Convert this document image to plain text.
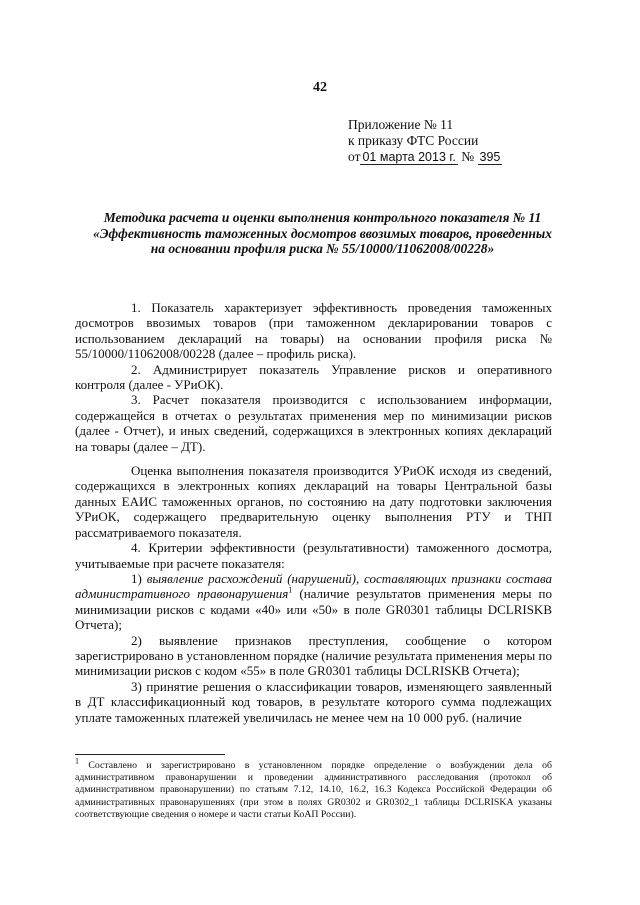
42
Приложение № 11
к приказу ФТС России
от 01 марта 2013 г. № 395
Методика расчета и оценки выполнения контрольного показателя № 11
«Эффективность таможенных досмотров ввозимых товаров, проведенных
на основании профиля риска № 55/10000/11062008/00228»

1. Показатель характеризует эффективность проведения таможенных досмотров ввозимых товаров (при таможенном декларировании товаров с использованием деклараций на товары) на основании профиля риска № 55/10000/11062008/00228 (далее – профиль риска).

2. Администрирует показатель Управление рисков и оперативного контроля (далее - УРиОК).

3. Расчет показателя производится с использованием информации, содержащейся в отчетах о результатах применения мер по минимизации рисков (далее - Отчет), и иных сведений, содержащихся в электронных копиях деклараций на товары (далее – ДТ).

Оценка выполнения показателя производится УРиОК исходя из сведений, содержащихся в электронных копиях деклараций на товары Центральной базы данных ЕАИС таможенных органов, по состоянию на дату подготовки заключения УРиОК, содержащего предварительную оценку выполнения РТУ и ТНП рассматриваемого показателя.

4. Критерии эффективности (результативности) таможенного досмотра, учитываемые при расчете показателя:

1) выявление расхождений (нарушений), составляющих признаки состава административного правонарушения$^1$ (наличие результатов применения меры по минимизации рисков с кодами «40» или «50» в поле GR0301 таблицы DCLRISKB Отчета);

2) выявление признаков преступления, сообщение о котором зарегистрировано в установленном порядке (наличие результата применения меры по минимизации рисков с кодом «55» в поле GR0301 таблицы DCLRISKB Отчета);

3) принятие решения о классификации товаров, изменяющего заявленный в ДТ классификационный код товаров, в результате которого сумма подлежащих уплате таможенных платежей увеличилась не менее чем на 10 000 руб. (наличие

$^1$ Составлено и зарегистрировано в установленном порядке определение о возбуждении дела об административном правонарушении и проведении административного расследования (протокол об административном правонарушении) по статьям 7.12, 14.10, 16.2, 16.3 Кодекса Российской Федерации об административных правонарушениях (при этом в полях GR0302 и GR0302_1 таблицы DCLRISKA указаны соответствующие сведения о номере и части статьи КоАП России).
